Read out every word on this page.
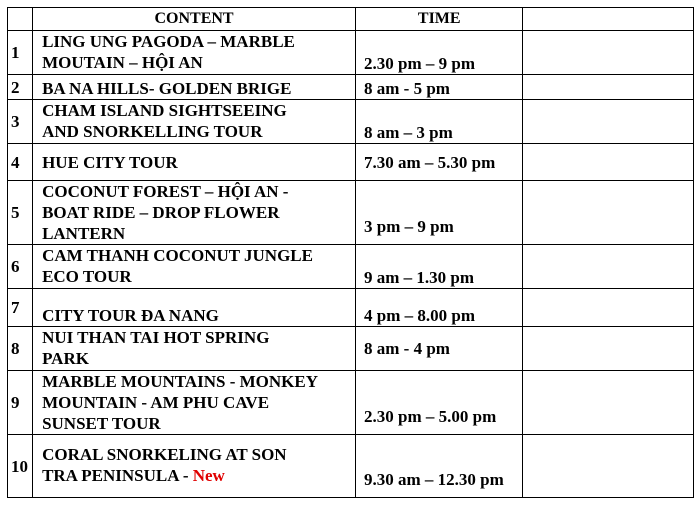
	CONTENT	TIME	
1	LING UNG PAGODA – MARBLE
MOUTAIN – HỘI AN	2.30 pm – 9 pm	
2	BA NA HILLS- GOLDEN BRIGE	8 am - 5 pm	
3	CHAM ISLAND SIGHTSEEING
AND SNORKELLING TOUR	8 am – 3 pm	
4	HUE CITY TOUR	7.30 am – 5.30 pm	
5	COCONUT FOREST – HỘI AN -
BOAT RIDE – DROP FLOWER
LANTERN	3 pm – 9 pm	
6	CAM THANH COCONUT JUNGLE
ECO TOUR	9 am – 1.30 pm	
7	CITY TOUR ĐA NANG	4 pm – 8.00 pm	
8	NUI THAN TAI HOT SPRING
PARK	8 am - 4 pm	
9	MARBLE MOUNTAINS - MONKEY
MOUNTAIN - AM PHU CAVE
SUNSET TOUR	2.30 pm – 5.00 pm	
10	CORAL SNORKELING AT SON
TRA PENINSULA - New	9.30 am – 12.30 pm	
